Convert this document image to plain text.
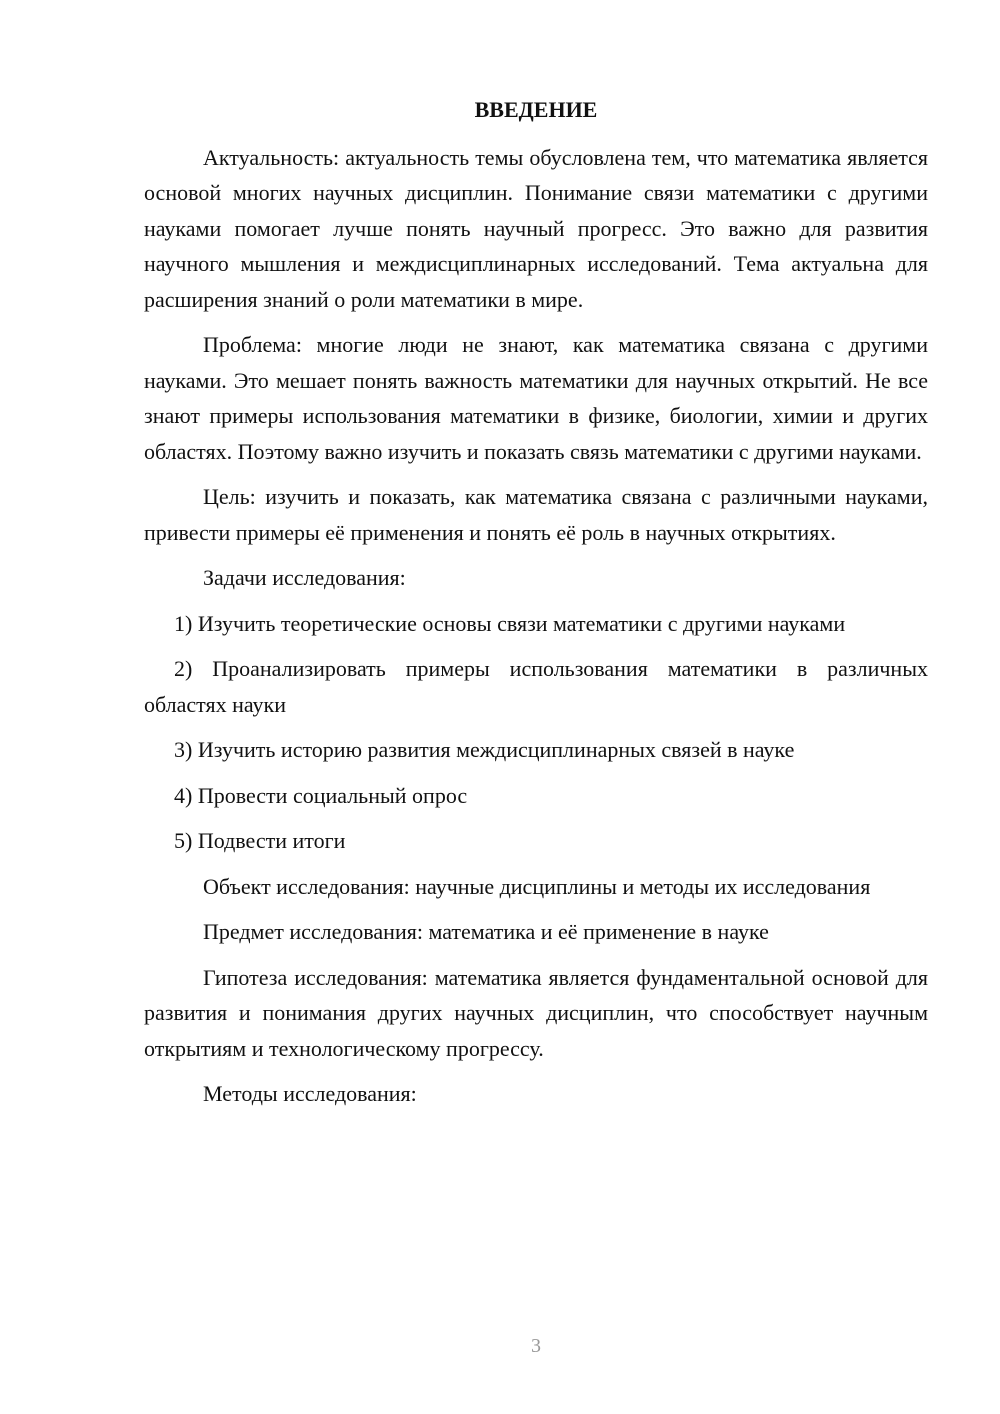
ВВЕДЕНИЕ

Актуальность: актуальность темы обусловлена тем, что математика является основой многих научных дисциплин. Понимание связи математики с другими науками помогает лучше понять научный прогресс. Это важно для развития научного мышления и междисциплинарных исследований. Тема актуальна для расширения знаний о роли математики в мире.

Проблема: многие люди не знают, как математика связана с другими науками. Это мешает понять важность математики для научных открытий. Не все знают примеры использования математики в физике, биологии, химии и других областях. Поэтому важно изучить и показать связь математики с другими науками.

Цель: изучить и показать, как математика связана с различными науками, привести примеры её применения и понять её роль в научных открытиях.

Задачи исследования:

1) Изучить теоретические основы связи математики с другими науками

2) Проанализировать примеры использования математики в различных областях науки

3) Изучить историю развития междисциплинарных связей в науке

4) Провести социальный опрос

5) Подвести итоги

Объект исследования: научные дисциплины и методы их исследования

Предмет исследования: математика и её применение в науке

Гипотеза исследования: математика является фундаментальной основой для развития и понимания других научных дисциплин, что способствует научным открытиям и технологическому прогрессу.

Методы исследования:

3
